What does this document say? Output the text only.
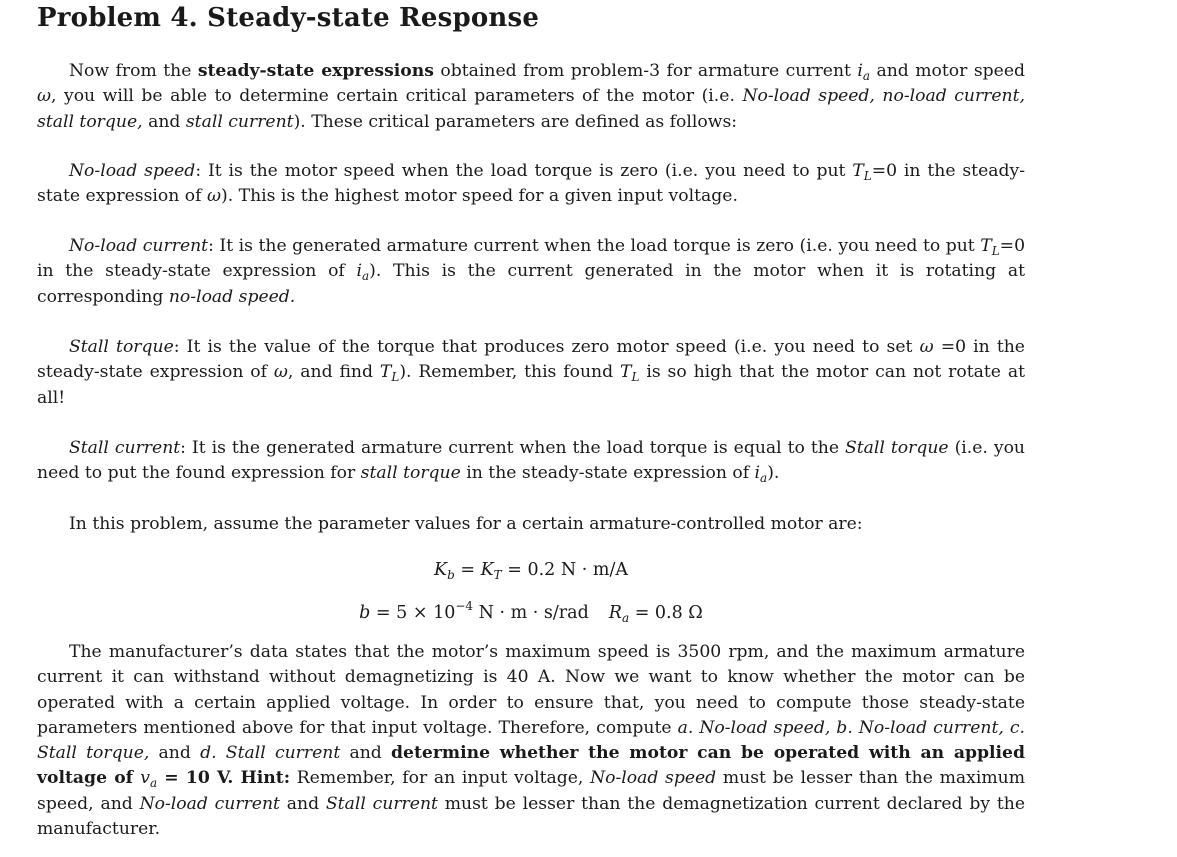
Problem 4. Steady-state Response

Now from the steady-state expressions obtained from problem-3 for armature current $i_a$ and motor speed ω, you will be able to determine certain critical parameters of the motor (i.e. No-load speed, no-load current, stall torque, and stall current). These critical parameters are defined as follows:

No-load speed: It is the motor speed when the load torque is zero (i.e. you need to put $T_L=0$ in the steady-state expression of ω). This is the highest motor speed for a given input voltage.

No-load current: It is the generated armature current when the load torque is zero (i.e. you need to put $T_L=0$ in the steady-state expression of $i_a$). This is the current generated in the motor when it is rotating at corresponding no-load speed.

Stall torque: It is the value of the torque that produces zero motor speed (i.e. you need to set ω =0 in the steady-state expression of ω, and find $T_L$). Remember, this found $T_L$ is so high that the motor can not rotate at all!

Stall current: It is the generated armature current when the load torque is equal to the Stall torque (i.e. you need to put the found expression for stall torque in the steady-state expression of $i_a$).

In this problem, assume the parameter values for a certain armature-controlled motor are:

$K_b = K_T = 0.2$ N · m/A
$b = 5 \times 10^{-4}$ N · m · s/rad $R_a = 0.8$ Ω

The manufacturer’s data states that the motor’s maximum speed is 3500 rpm, and the maximum armature current it can withstand without demagnetizing is 40 A. Now we want to know whether the motor can be operated with a certain applied voltage. In order to ensure that, you need to compute those steady-state parameters mentioned above for that input voltage. Therefore, compute a. No-load speed, b. No-load current, c. Stall torque, and d. Stall current and determine whether the motor can be operated with an applied voltage of $v_a = 10$ V. Hint: Remember, for an input voltage, No-load speed must be lesser than the maximum speed, and No-load current and Stall current must be lesser than the demagnetization current declared by the manufacturer.
